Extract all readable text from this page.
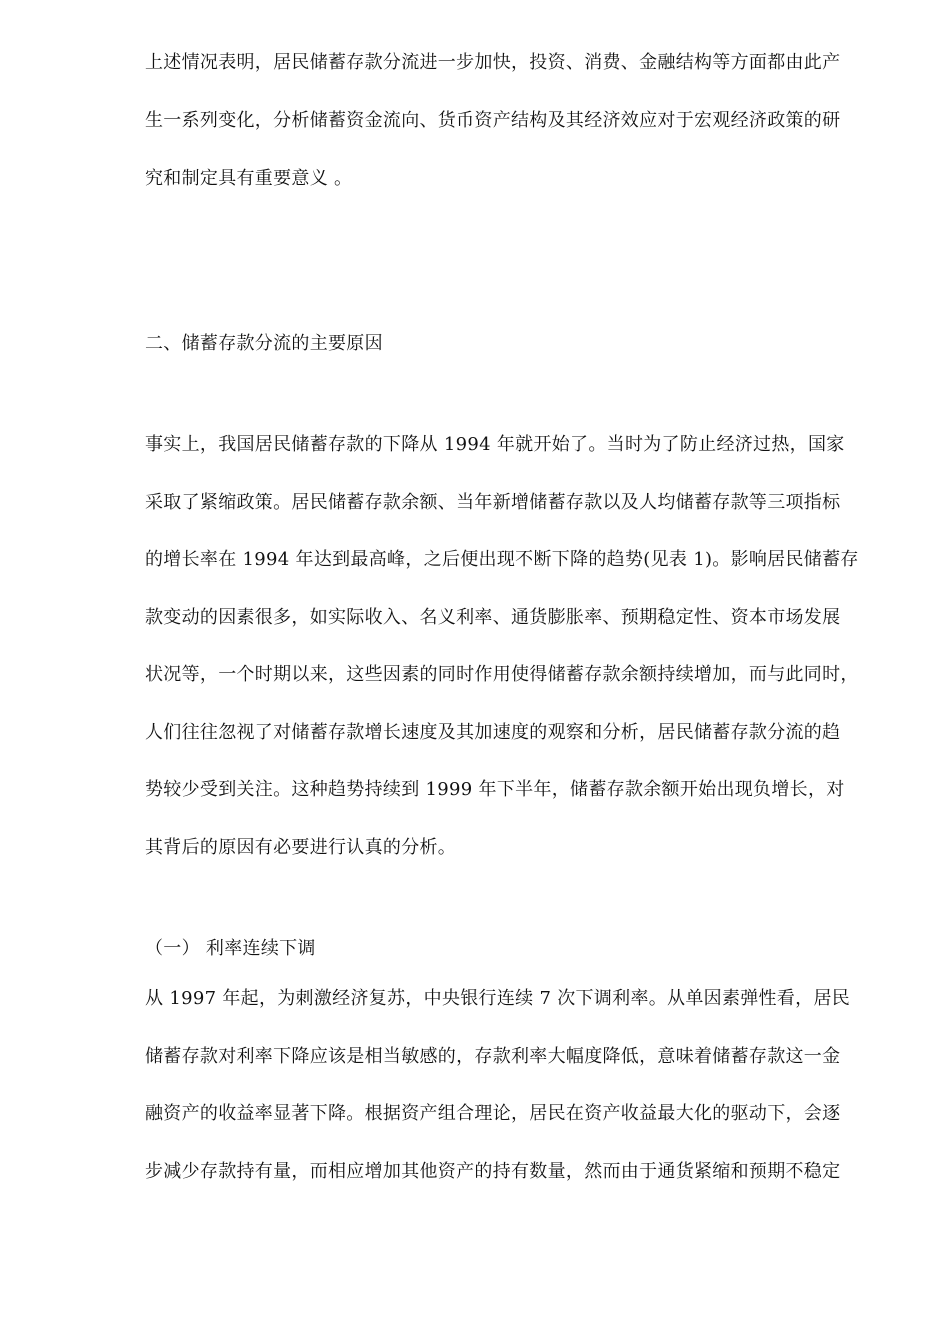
上述情况表明，居民储蓄存款分流进一步加快，投资、消费、金融结构等方面都由此产
生一系列变化，分析储蓄资金流向、货币资产结构及其经济效应对于宏观经济政策的研
究和制定具有重要意义 。
二、储蓄存款分流的主要原因
事实上，我国居民储蓄存款的下降从 1994 年就开始了。当时为了防止经济过热，国家
采取了紧缩政策。居民储蓄存款余额、当年新增储蓄存款以及人均储蓄存款等三项指标
的增长率在 1994 年达到最高峰，之后便出现不断下降的趋势(见表 1)。影响居民储蓄存
款变动的因素很多，如实际收入、名义利率、通货膨胀率、预期稳定性、资本市场发展
状况等，一个时期以来，这些因素的同时作用使得储蓄存款余额持续增加，而与此同时，
人们往往忽视了对储蓄存款增长速度及其加速度的观察和分析，居民储蓄存款分流的趋
势较少受到关注。这种趋势持续到 1999 年下半年，储蓄存款余额开始出现负增长，对
其背后的原因有必要进行认真的分析。
（一） 利率连续下调
从 1997 年起，为刺激经济复苏，中央银行连续 7 次下调利率。从单因素弹性看，居民
储蓄存款对利率下降应该是相当敏感的，存款利率大幅度降低，意味着储蓄存款这一金
融资产的收益率显著下降。根据资产组合理论，居民在资产收益最大化的驱动下，会逐
步减少存款持有量，而相应增加其他资产的持有数量，然而由于通货紧缩和预期不稳定
